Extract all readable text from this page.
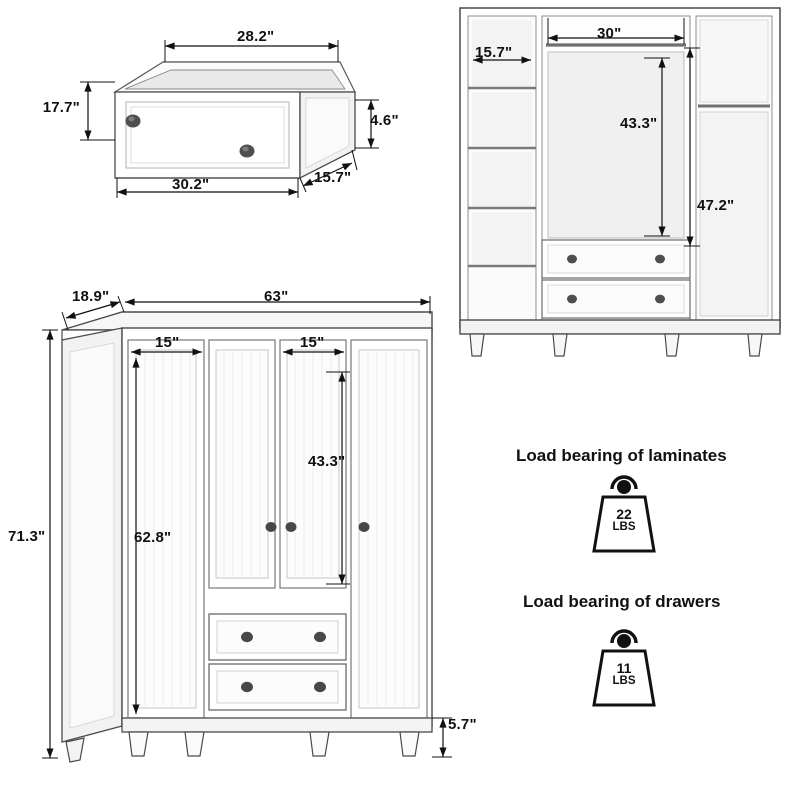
28.2"
17.7"
4.6"
30.2"	15.7"
15.7"
30"
43.3"
47.2"
18.9"	63"
15"	15"
71.3"	62.8"
43.3"
5.7"
Load bearing of laminates
22
LBS
Load bearing of drawers
11
LBS
